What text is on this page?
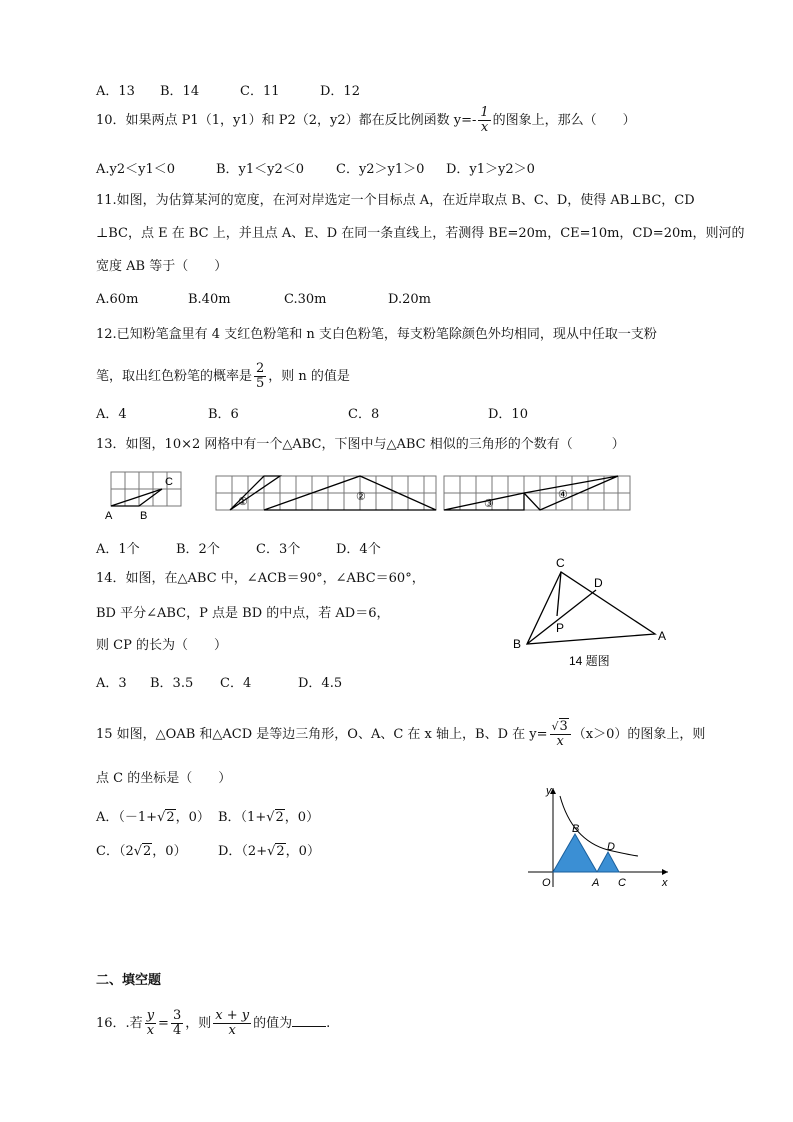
A．13 B．14	C．11	D．12
10．如果两点 P1（1，y1）和 P2（2，y2）都在反比例函数 $y=- \frac{1}{x}$ 的图象上，那么（　　）
A.y2＜y1＜0	B．y1＜y2＜0 C．y2＞y1＞0 D．y1＞y2＞0
11.如图，为估算某河的宽度，在河对岸选定一个目标点 A，在近岸取点 B、C、D，使得 AB⊥BC，CD
⊥BC，点 E 在 BC 上，并且点 A、E、D 在同一条直线上，若测得 BE=20m，CE=10m，CD=20m，则河的
宽度 AB 等于（　　）
A.60m	B.40m	C.30m	D.20m
12.已知粉笔盒里有 4 支红色粉笔和 n 支白色粉笔，每支粉笔除颜色外均相同，现从中任取一支粉
笔，取出红色粉笔的概率是 $\frac{2}{5}$ ，则 n 的值是
A．4	B．6	C．8	D．10
13．如图，10×2 网格中有一个△ABC，下图中与△ABC 相似的三角形的个数有（　　　）
A	B
C
①	②
③
④
A．1个	B．2个	C．3个	D．4个
14．如图，在△ABC 中，∠ACB＝90°，∠ABC＝60°，
BD 平分∠ABC，P 点是 BD 的中点，若 AD＝6，
则 CP 的长为（　　）
A．3 B．3.5 C．4	D．4.5
C
D
P
B
A
14 题图
15 如图，△OAB 和△ACD 是等边三角形，O、A、C 在 x 轴上，B、D 在 $y= \frac{√3}{x} (x>0)$的图象上，则
点 C 的坐标是（　　）
A．（－1+√2，0） B．（1+√2，0）
C．（2√2，0） D．（2+√2，0）
y
x
O	A C
B
D
二、填空题
16．.若 $\frac{y}{x} = \frac{3}{4}$ ，则 $\frac{x + y}{x}$ 的值为	.
